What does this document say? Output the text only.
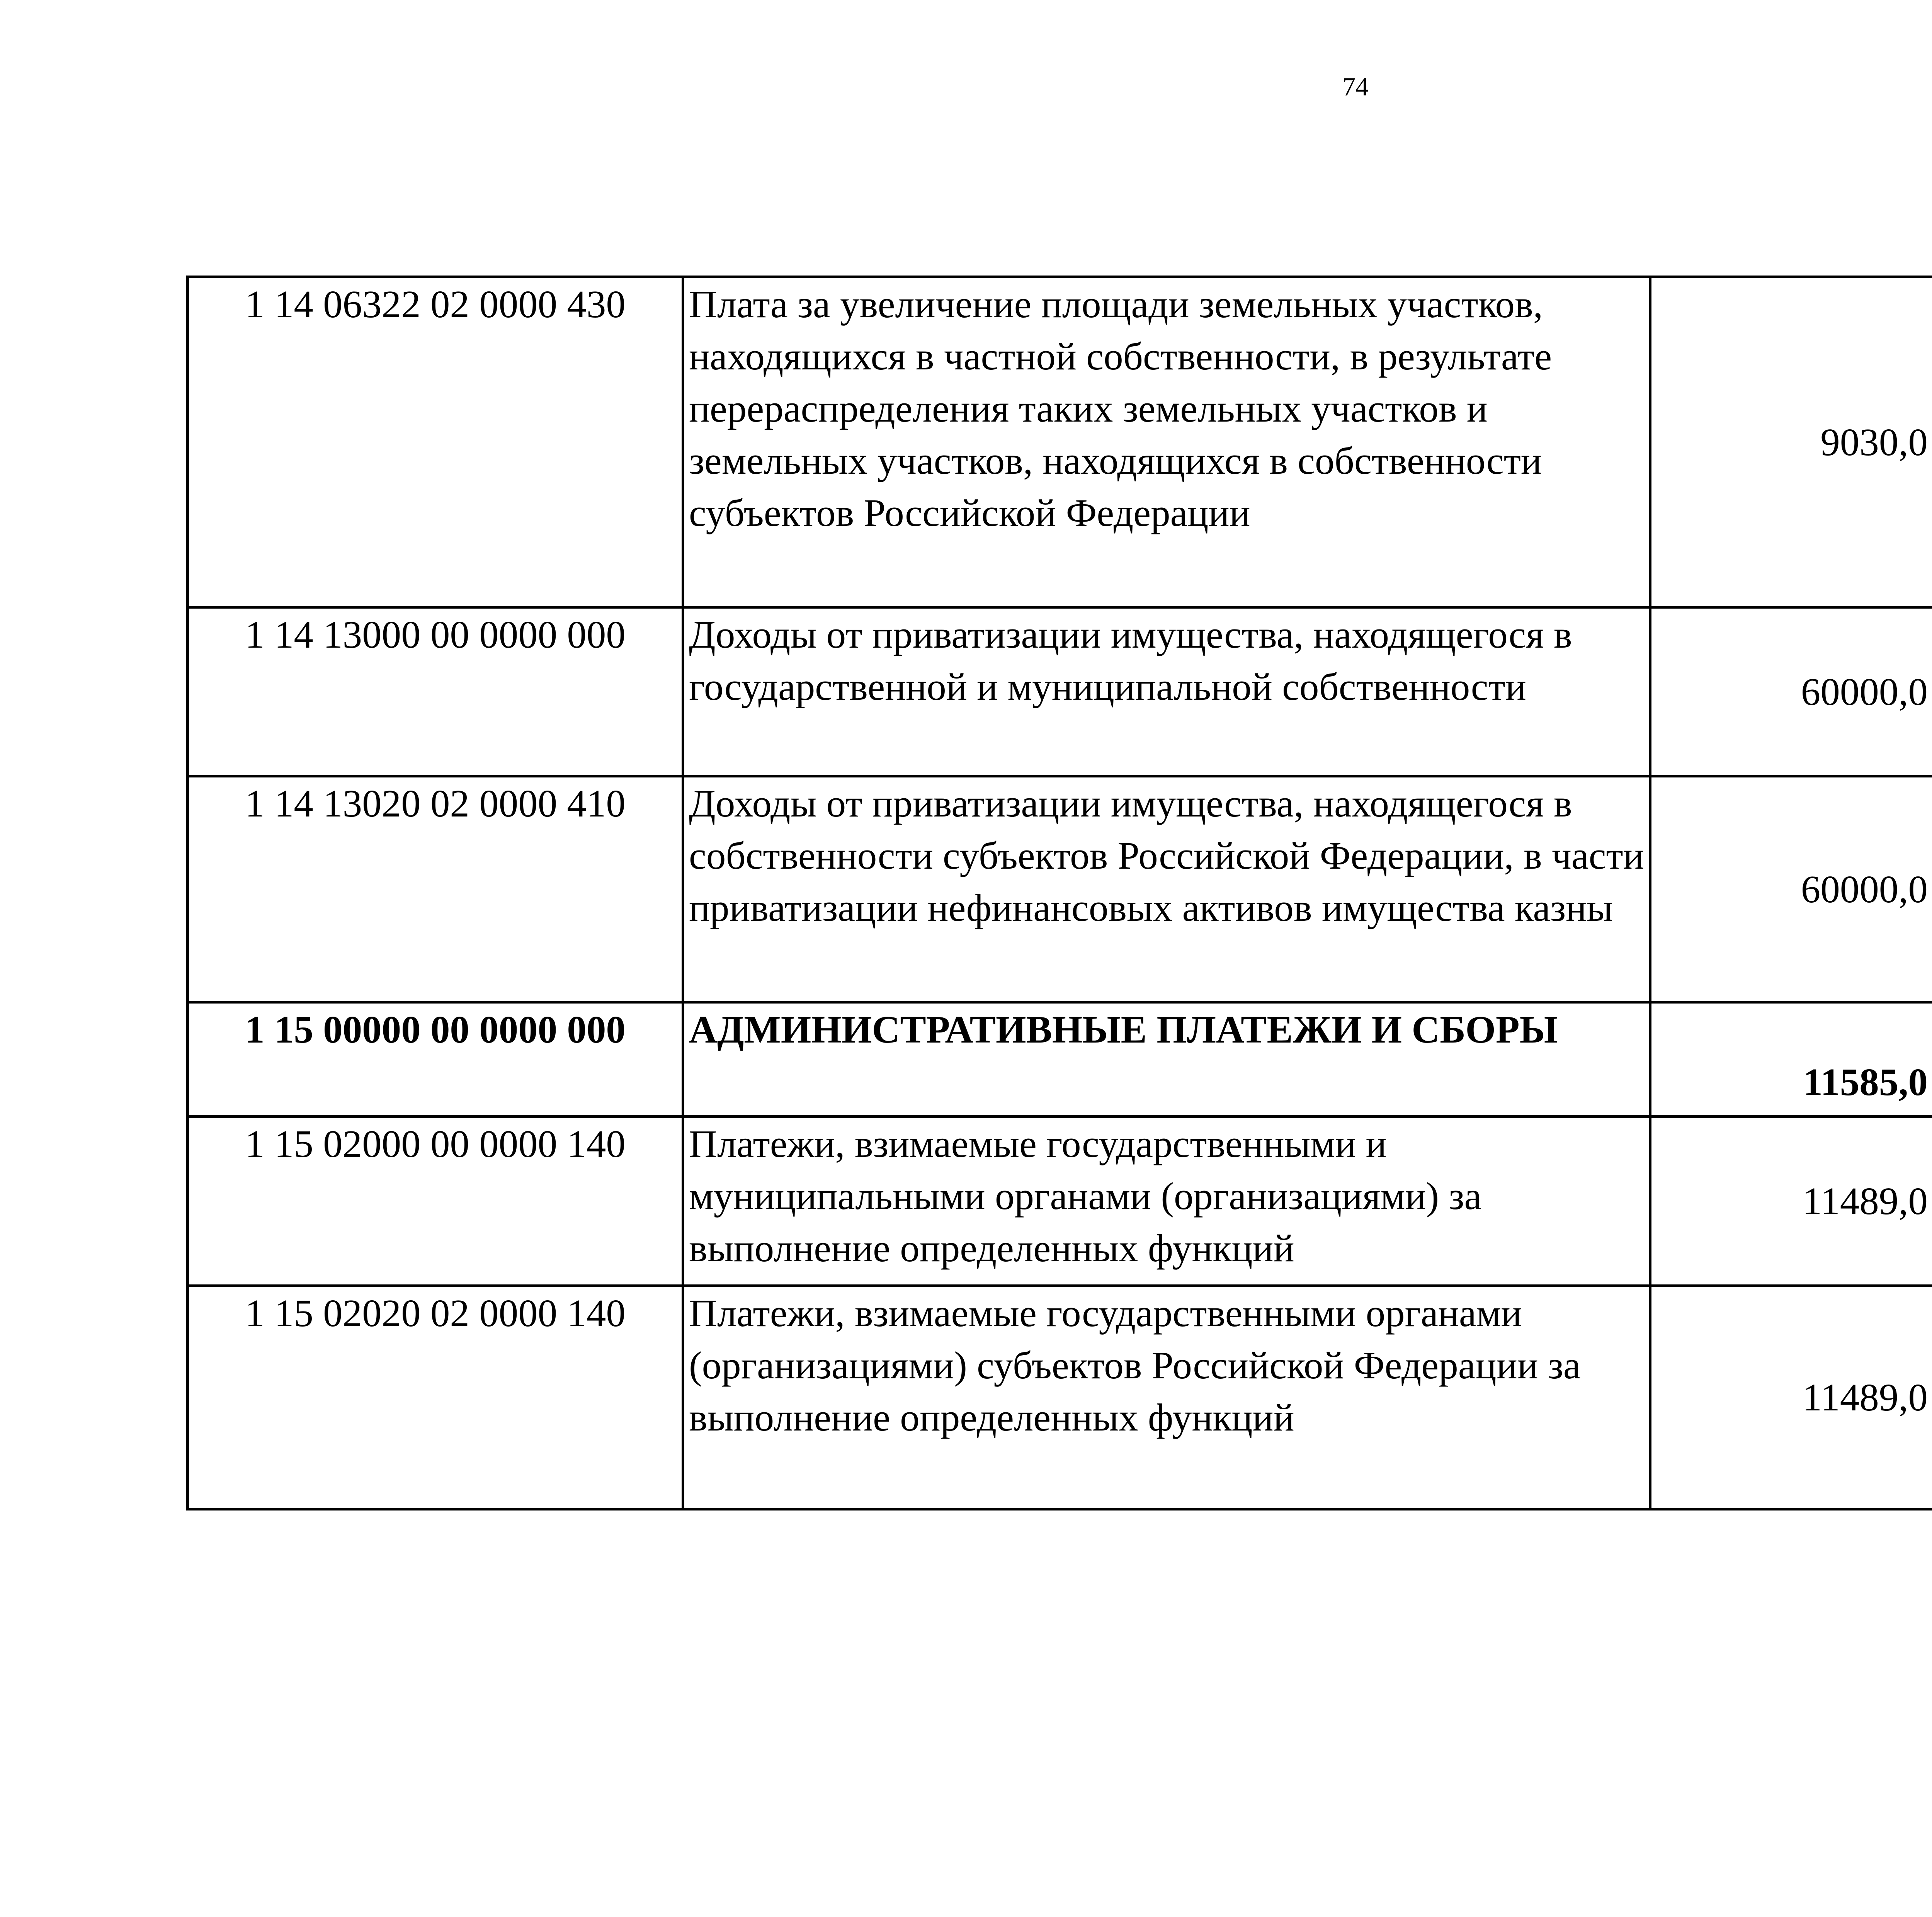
74
1 14 06322 02 0000 430	Плата за увеличение площади земельных участков, находящихся в частной собственности, в результате перераспределения таких земельных участков и земельных участков, находящихся в собственности субъектов Российской Федерации	9030,0		
1 14 13000 00 0000 000	Доходы от приватизации имущества, находящегося в государственной и муниципальной собственности	60000,0		
1 14 13020 02 0000 410	Доходы от приватизации имущества, находящегося в собственности субъектов Российской Федерации, в части приватизации нефинансовых активов имущества казны	60000,0		
1 15 00000 00 0000 000	АДМИНИСТРАТИВНЫЕ ПЛАТЕЖИ И СБОРЫ	11585,0		
1 15 02000 00 0000 140	Платежи, взимаемые государственными и муниципальными органами (организациями) за выполнение определенных функций	11489,0		
1 15 02020 02 0000 140	Платежи, взимаемые государственными органами (организациями) субъектов Российской Федерации за выполнение определенных функций	11489,0		
